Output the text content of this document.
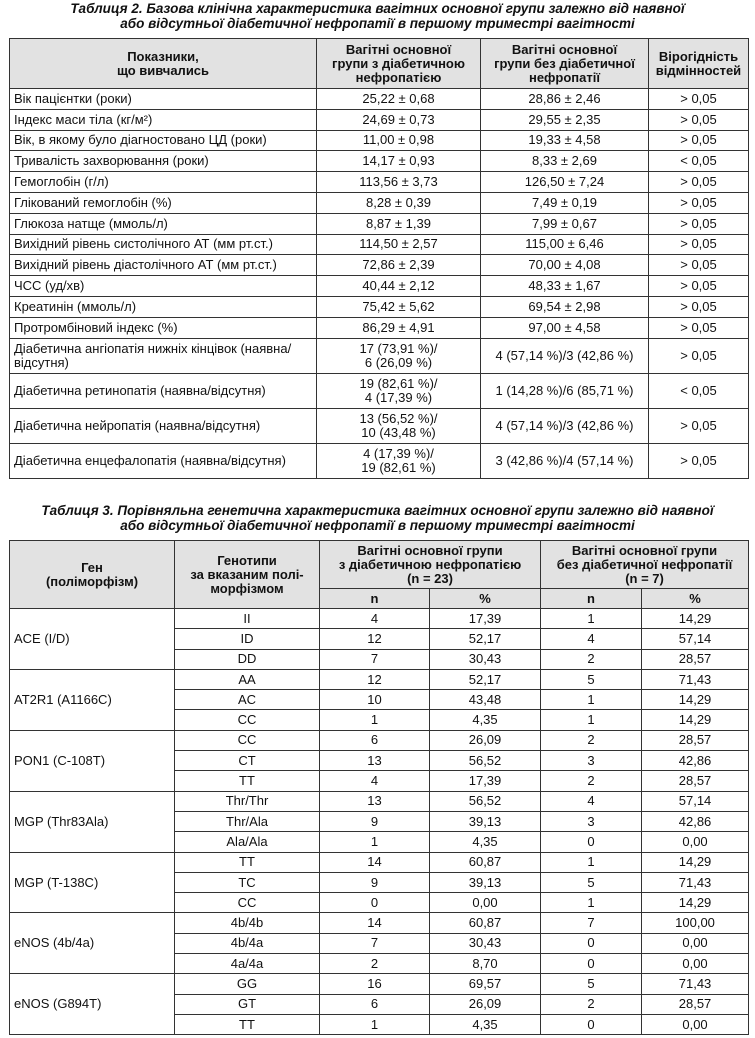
Таблиця 2. Базова клінічна характеристика вагітних основної групи залежно від наявної
або відсутньої діабетичної нефропатії в першому триместрі вагітності
Показники,
що вивчались	Вагітні основної
групи з діабетичною
нефропатією	Вагітні основної
групи без діабетичної
нефропатії	Вірогідність
відмінностей
Вік пацієнтки (роки)	25,22 ± 0,68	28,86 ± 2,46	> 0,05
Індекс маси тіла (кг/м²)	24,69 ± 0,73	29,55 ± 2,35	> 0,05
Вік, в якому було діагностовано ЦД (роки)	11,00 ± 0,98	19,33 ± 4,58	> 0,05
Тривалість захворювання (роки)	14,17 ± 0,93	8,33 ± 2,69	< 0,05
Гемоглобін (г/л)	113,56 ± 3,73	126,50 ± 7,24	> 0,05
Глікований гемоглобін (%)	8,28 ± 0,39	7,49 ± 0,19	> 0,05
Глюкоза натще (ммоль/л)	8,87 ± 1,39	7,99 ± 0,67	> 0,05
Вихідний рівень систолічного АТ (мм рт.ст.)	114,50 ± 2,57	115,00 ± 6,46	> 0,05
Вихідний рівень діастолічного АТ (мм рт.ст.)	72,86 ± 2,39	70,00 ± 4,08	> 0,05
ЧСС (уд/хв)	40,44 ± 2,12	48,33 ± 1,67	> 0,05
Креатинін (ммоль/л)	75,42 ± 5,62	69,54 ± 2,98	> 0,05
Протромбіновий індекс (%)	86,29 ± 4,91	97,00 ± 4,58	> 0,05
Діабетична ангіопатія нижніх кінцівок (наявна/відсутня)	17 (73,91 %)/
6 (26,09 %)	4 (57,14 %)/3 (42,86 %)	> 0,05
Діабетична ретинопатія (наявна/відсутня)	19 (82,61 %)/
4 (17,39 %)	1 (14,28 %)/6 (85,71 %)	< 0,05
Діабетична нейропатія (наявна/відсутня)	13 (56,52 %)/
10 (43,48 %)	4 (57,14 %)/3 (42,86 %)	> 0,05
Діабетична енцефалопатія (наявна/відсутня)	4 (17,39 %)/
19 (82,61 %)	3 (42,86 %)/4 (57,14 %)	> 0,05
Таблиця 3. Порівняльна генетична характеристика вагітних основної групи залежно від наявної
або відсутньої діабетичної нефропатії в першому триместрі вагітності
Ген
(поліморфізм)	Генотипи
за вказаним полі-
морфізмом	Вагітні основної групи
з діабетичною нефропатією
(n = 23)		Вагітні основної групи
без діабетичної нефропатії
(n = 7)	
		n	%	n	%
ACE (I/D)	II	4	17,39	1	14,29
	ID	12	52,17	4	57,14
	DD	7	30,43	2	28,57
AT2R1 (A1166C)	AA	12	52,17	5	71,43
	AC	10	43,48	1	14,29
	CC	1	4,35	1	14,29
PON1 (C-108T)	CC	6	26,09	2	28,57
	CT	13	56,52	3	42,86
	TT	4	17,39	2	28,57
MGP (Thr83Ala)	Thr/Thr	13	56,52	4	57,14
	Thr/Ala	9	39,13	3	42,86
	Ala/Ala	1	4,35	0	0,00
MGP (T-138C)	TT	14	60,87	1	14,29
	TC	9	39,13	5	71,43
	CC	0	0,00	1	14,29
eNOS (4b/4a)	4b/4b	14	60,87	7	100,00
	4b/4a	7	30,43	0	0,00
	4a/4a	2	8,70	0	0,00
eNOS (G894T)	GG	16	69,57	5	71,43
	GT	6	26,09	2	28,57
	TT	1	4,35	0	0,00
